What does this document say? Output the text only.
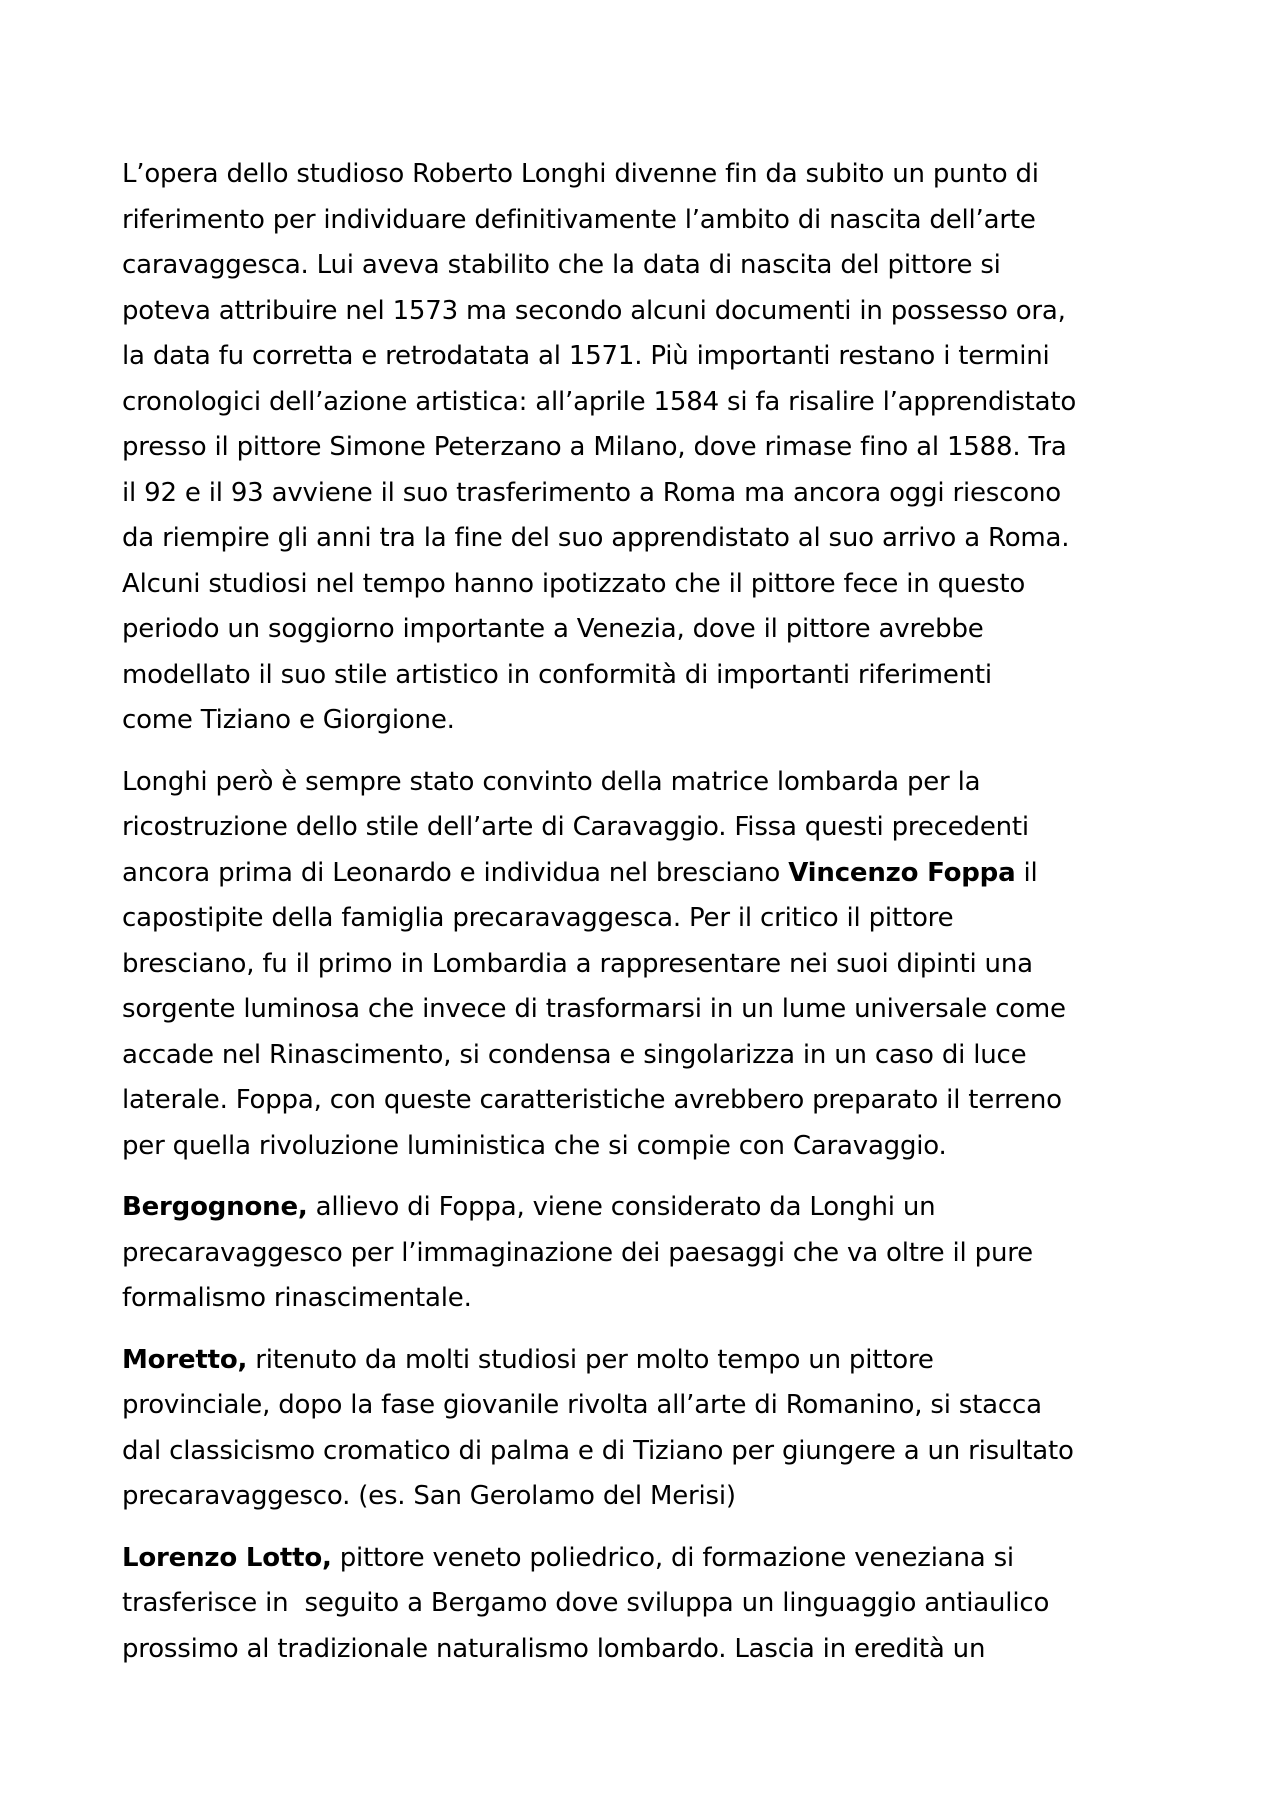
L’opera dello studioso Roberto Longhi divenne fin da subito un punto di
riferimento per individuare definitivamente l’ambito di nascita dell’arte
caravaggesca. Lui aveva stabilito che la data di nascita del pittore si
poteva attribuire nel 1573 ma secondo alcuni documenti in possesso ora,
la data fu corretta e retrodatata al 1571. Più importanti restano i termini
cronologici dell’azione artistica: all’aprile 1584 si fa risalire l’apprendistato
presso il pittore Simone Peterzano a Milano, dove rimase fino al 1588. Tra
il 92 e il 93 avviene il suo trasferimento a Roma ma ancora oggi riescono
da riempire gli anni tra la fine del suo apprendistato al suo arrivo a Roma.
Alcuni studiosi nel tempo hanno ipotizzato che il pittore fece in questo
periodo un soggiorno importante a Venezia, dove il pittore avrebbe
modellato il suo stile artistico in conformità di importanti riferimenti
come Tiziano e Giorgione.

Longhi però è sempre stato convinto della matrice lombarda per la
ricostruzione dello stile dell’arte di Caravaggio. Fissa questi precedenti
ancora prima di Leonardo e individua nel bresciano Vincenzo Foppa il
capostipite della famiglia precaravaggesca. Per il critico il pittore
bresciano, fu il primo in Lombardia a rappresentare nei suoi dipinti una
sorgente luminosa che invece di trasformarsi in un lume universale come
accade nel Rinascimento, si condensa e singolarizza in un caso di luce
laterale. Foppa, con queste caratteristiche avrebbero preparato il terreno
per quella rivoluzione luministica che si compie con Caravaggio.

Bergognone, allievo di Foppa, viene considerato da Longhi un
precaravaggesco per l’immaginazione dei paesaggi che va oltre il pure
formalismo rinascimentale.

Moretto, ritenuto da molti studiosi per molto tempo un pittore
provinciale, dopo la fase giovanile rivolta all’arte di Romanino, si stacca
dal classicismo cromatico di palma e di Tiziano per giungere a un risultato
precaravaggesco. (es. San Gerolamo del Merisi)

Lorenzo Lotto, pittore veneto poliedrico, di formazione veneziana si
trasferisce in  seguito a Bergamo dove sviluppa un linguaggio antiaulico
prossimo al tradizionale naturalismo lombardo. Lascia in eredità un
